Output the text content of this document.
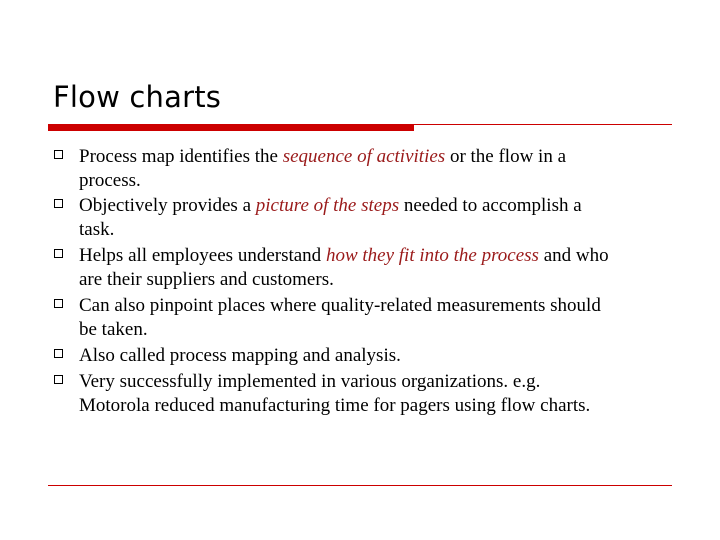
Flow charts
Process map identifies the sequence of activities or the flow in a
process.
Objectively provides a picture of the steps needed to accomplish a
task.
Helps all employees understand how they fit into the process and who
are their suppliers and customers.
Can also pinpoint places where quality-related measurements should
be taken.
Also called process mapping and analysis.
Very successfully implemented in various organizations. e.g.
Motorola reduced manufacturing time for pagers using flow charts.
